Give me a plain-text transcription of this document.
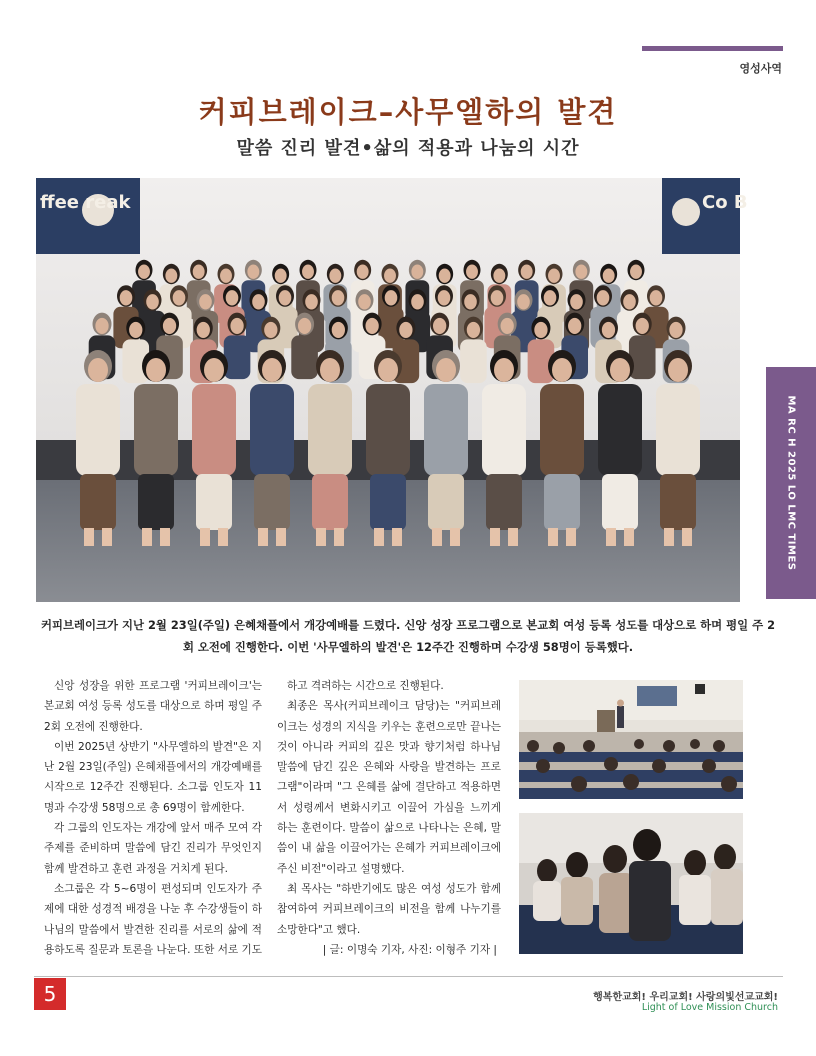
영성사역
커피브레이크–사무엘하의 발견
말씀 진리 발견•삶의 적용과 나눔의 시간
ffee reak	Co B
MA RC H 2025 LO LMC TIMES

커피브레이크가 지난 2월 23일(주일) 은혜채플에서 개강예배를 드렸다. 신앙 성장 프로그램으로 본교회 여성 등록 성도를 대상으로 하며 평일 주 2회 오전에 진행한다. 이번 '사무엘하의 발견'은 12주간 진행하며 수강생 58명이 등록했다.

신앙 성장을 위한 프로그램 '커피브레이크'는 본교회 여성 등록 성도를 대상으로 하며 평일 주 2회 오전에 진행한다.

이번 2025년 상반기 "사무엘하의 발견"은 지난 2월 23일(주일) 은혜채플에서의 개강예배를 시작으로 12주간 진행된다. 소그룹 인도자 11명과 수강생 58명으로 총 69명이 함께한다.

각 그룹의 인도자는 개강에 앞서 매주 모여 각 주제를 준비하며 말씀에 담긴 진리가 무엇인지 함께 발견하고 훈련 과정을 거치게 된다.

소그룹은 각 5~6명이 편성되며 인도자가 주제에 대한 성경적 배경을 나눈 후 수강생들이 하나님의 말씀에서 발견한 진리를 서로의 삶에 적용하도록 질문과 토론을 나눈다. 또한 서로 기도

하고 격려하는 시간으로 진행된다.

최종은 목사(커피브레이크 담당)는 "커피브레이크는 성경의 지식을 키우는 훈련으로만 끝나는 것이 아니라 커피의 깊은 맛과 향기처럼 하나님 말씀에 담긴 깊은 은혜와 사랑을 발견하는 프로그램"이라며 "그 은혜를 삶에 결단하고 적용하면서 성령께서 변화시키고 이끌어 가심을 느끼게 하는 훈련이다. 말씀이 삶으로 나타나는 은혜, 말씀이 내 삶을 이끌어가는 은혜가 커피브레이크에 주신 비전"이라고 설명했다.

최 목사는 "하반기에도 많은 여성 성도가 함께 참여하여 커피브레이크의 비전을 함께 나누기를 소망한다"고 했다.

| 글: 이명숙 기자, 사진: 이형주 기자 |

5	행복한교회! 우리교회! 사랑의빛선교교회!
Light of Love Mission Church
